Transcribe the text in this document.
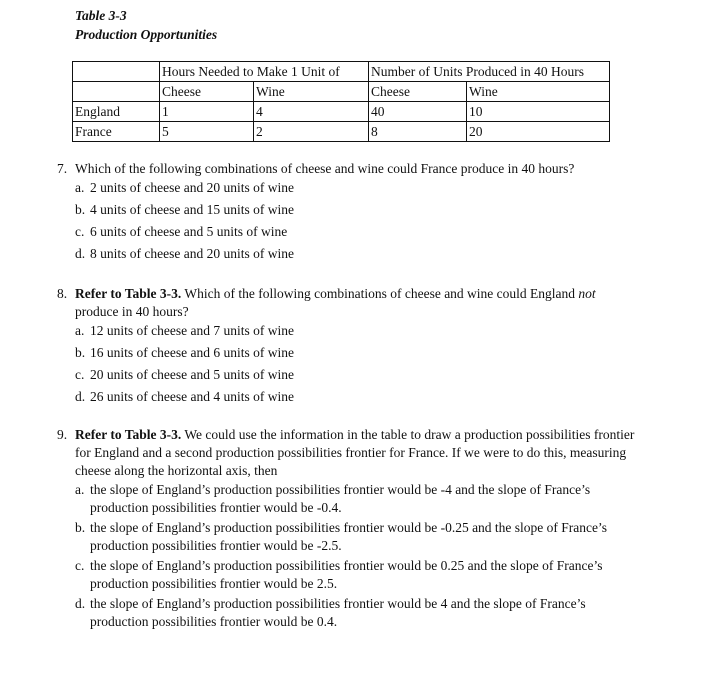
Table 3-3
Production Opportunities
	Hours Needed to Make 1 Unit of		Number of Units Produced in 40 Hours	
	Cheese	Wine	Cheese	Wine
England	1	4	40	10
France	5	2	8	20
7. Which of the following combinations of cheese and wine could France produce in 40 hours?
a. 2 units of cheese and 20 units of wine
b. 4 units of cheese and 15 units of wine
c. 6 units of cheese and 5 units of wine
d. 8 units of cheese and 20 units of wine
8. Refer to Table 3-3. Which of the following combinations of cheese and wine could England not produce in 40 hours?
a. 12 units of cheese and 7 units of wine
b. 16 units of cheese and 6 units of wine
c. 20 units of cheese and 5 units of wine
d. 26 units of cheese and 4 units of wine
9. Refer to Table 3-3. We could use the information in the table to draw a production possibilities frontier for England and a second production possibilities frontier for France. If we were to do this, measuring cheese along the horizontal axis, then
a. the slope of England’s production possibilities frontier would be -4 and the slope of France’s production possibilities frontier would be -0.4.
b. the slope of England’s production possibilities frontier would be -0.25 and the slope of France’s production possibilities frontier would be -2.5.
c. the slope of England’s production possibilities frontier would be 0.25 and the slope of France’s production possibilities frontier would be 2.5.
d. the slope of England’s production possibilities frontier would be 4 and the slope of France’s production possibilities frontier would be 0.4.
